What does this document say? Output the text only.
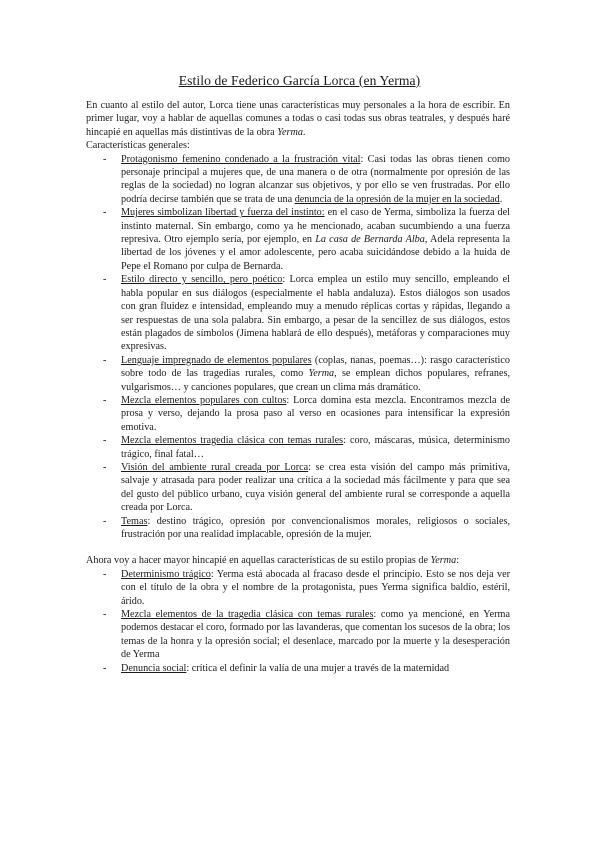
Estilo de Federico García Lorca (en Yerma)

En cuanto al estilo del autor, Lorca tiene unas características muy personales a la hora de escribir. En primer lugar, voy a hablar de aquellas comunes a todas o casi todas sus obras teatrales, y después haré hincapié en aquellas más distintivas de la obra Yerma.

Características generales:

- Protagonismo femenino condenado a la frustración vital: Casi todas las obras tienen como personaje principal a mujeres que, de una manera o de otra (normalmente por opresión de las reglas de la sociedad) no logran alcanzar sus objetivos, y por ello se ven frustradas. Por ello podría decirse también que se trata de una denuncia de la opresión de la mujer en la sociedad.
- Mujeres simbolizan libertad y fuerza del instinto: en el caso de Yerma, simboliza la fuerza del instinto maternal. Sin embargo, como ya he mencionado, acaban sucumbiendo a una fuerza represiva. Otro ejemplo sería, por ejemplo, en La casa de Bernarda Alba, Adela representa la libertad de los jóvenes y el amor adolescente, pero acaba suicidándose debido a la huida de Pepe el Romano por culpa de Bernarda.
- Estilo directo y sencillo, pero poético: Lorca emplea un estilo muy sencillo, empleando el habla popular en sus diálogos (especialmente el habla andaluza). Estos diálogos son usados con gran fluidez e intensidad, empleando muy a menudo réplicas cortas y rápidas, llegando a ser respuestas de una sola palabra. Sin embargo, a pesar de la sencillez de sus diálogos, estos están plagados de símbolos (Jimena hablará de ello después), metáforas y comparaciones muy expresivas.
- Lenguaje impregnado de elementos populares (coplas, nanas, poemas…): rasgo característico sobre todo de las tragedias rurales, como Yerma, se emplean dichos populares, refranes, vulgarismos… y canciones populares, que crean un clima más dramático.
- Mezcla elementos populares con cultos: Lorca domina esta mezcla. Encontramos mezcla de prosa y verso, dejando la prosa paso al verso en ocasiones para intensificar la expresión emotiva.
- Mezcla elementos tragedia clásica con temas rurales: coro, máscaras, música, determinismo trágico, final fatal…
- Visión del ambiente rural creada por Lorca: se crea esta visión del campo más primitiva, salvaje y atrasada para poder realizar una crítica a la sociedad más fácilmente y para que sea del gusto del público urbano, cuya visión general del ambiente rural se corresponde a aquella creada por Lorca.
- Temas: destino trágico, opresión por convencionalismos morales, religiosos o sociales, frustración por una realidad implacable, opresión de la mujer.

Ahora voy a hacer mayor hincapié en aquellas características de su estilo propias de Yerma:

- Determinismo trágico: Yerma está abocada al fracaso desde el principio. Esto se nos deja ver con el título de la obra y el nombre de la protagonista, pues Yerma significa baldío, estéril, árido.
- Mezcla elementos de la tragedia clásica con temas rurales: como ya mencioné, en Yerma podemos destacar el coro, formado por las lavanderas, que comentan los sucesos de la obra; los temas de la honra y la opresión social; el desenlace, marcado por la muerte y la desesperación de Yerma
- Denuncia social: crítica el definir la valía de una mujer a través de la maternidad
